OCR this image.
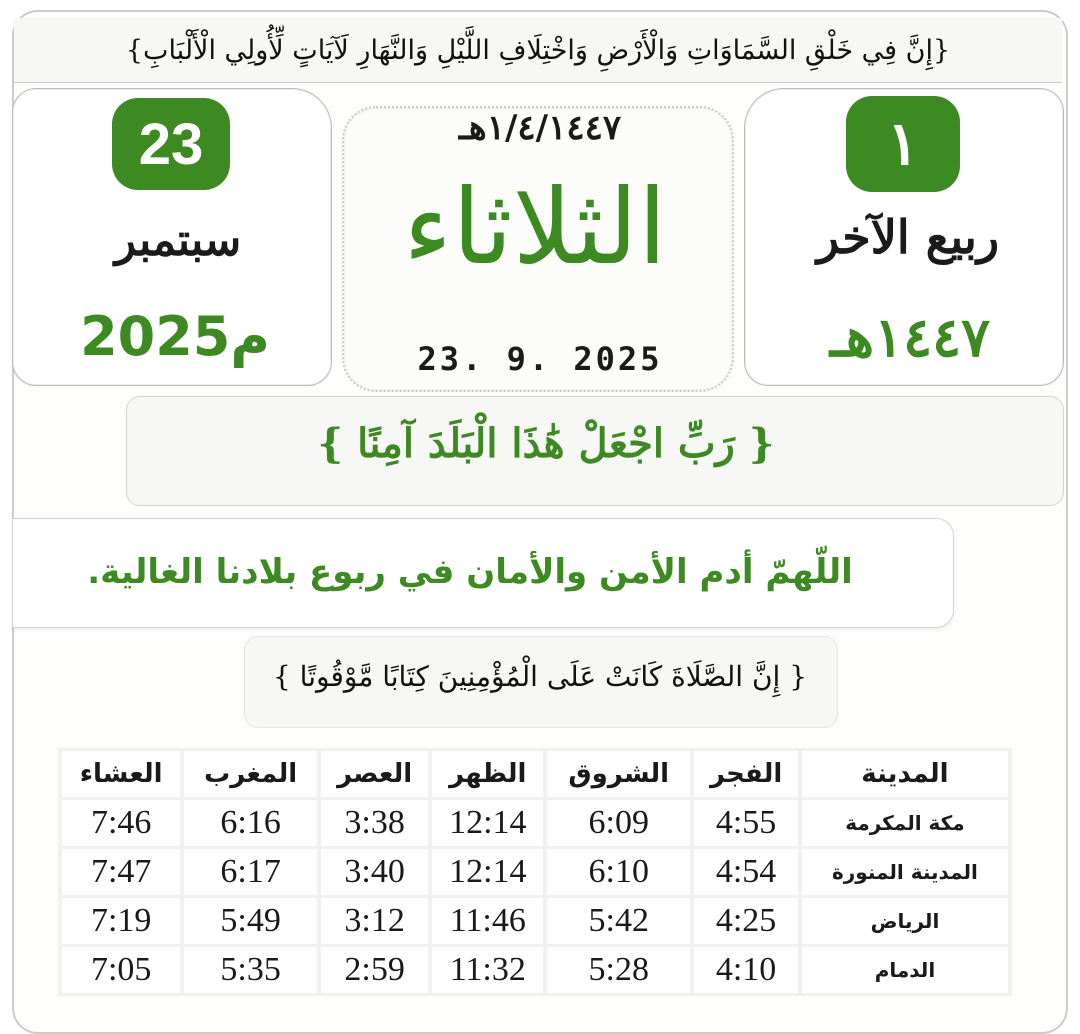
{إِنَّ فِي خَلْقِ السَّمَاوَاتِ وَالْأَرْضِ وَاخْتِلَافِ اللَّيْلِ وَالنَّهَارِ لَآيَاتٍ لِّأُولِي الْأَلْبَابِ}
١
ربيع الآخر
١٤٤٧هـ
١/٤/١٤٤٧هـ
الثلاثاء
23. 9. 2025
23
سبتمبر
2025م
{ رَبِّ اجْعَلْ هَٰذَا الْبَلَدَ آمِنًا }
اللّهمّ أدم الأمن والأمان في ربوع بلادنا الغالية.
{ إِنَّ الصَّلَاةَ كَانَتْ عَلَى الْمُؤْمِنِينَ كِتَابًا مَّوْقُوتًا }
المدينة	الفجر	الشروق	الظهر	العصر	المغرب	العشاء
مكة المكرمة	4:55	6:09	12:14	3:38	6:16	7:46
المدينة المنورة	4:54	6:10	12:14	3:40	6:17	7:47
الرياض	4:25	5:42	11:46	3:12	5:49	7:19
الدمام	4:10	5:28	11:32	2:59	5:35	7:05
